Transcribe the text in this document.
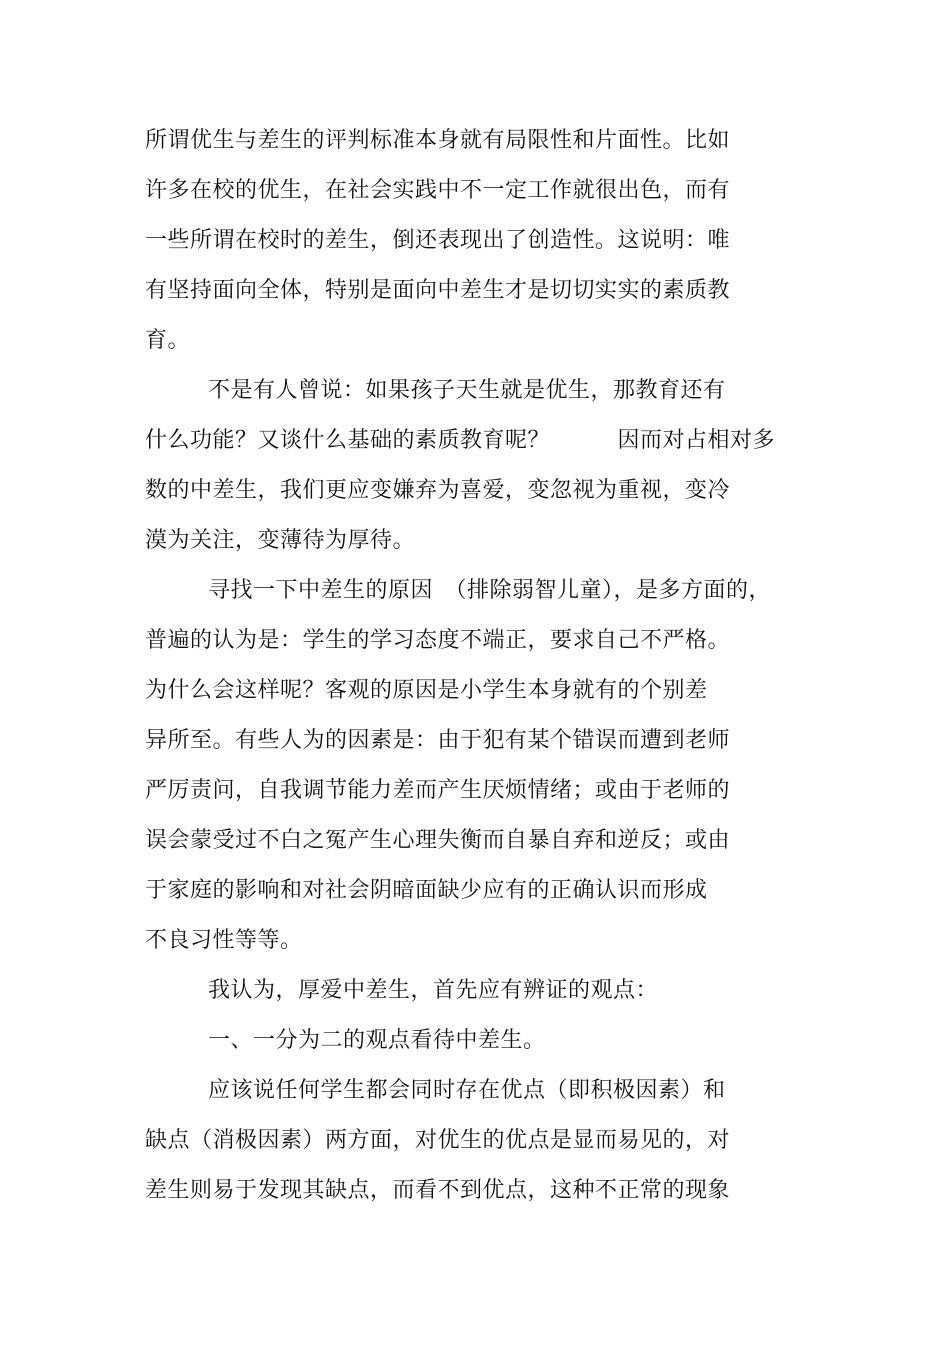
所谓优生与差生的评判标准本身就有局限性和片面性。比如
许多在校的优生，在社会实践中不一定工作就很出色，而有
一些所谓在校时的差生，倒还表现出了创造性。这说明：唯
有坚持面向全体，特别是面向中差生才是切切实实的素质教
育。
不是有人曾说：如果孩子天生就是优生，那教育还有
什么功能？又谈什么基础的素质教育呢？　　　因而对占相对多
数的中差生，我们更应变嫌弃为喜爱，变忽视为重视，变冷
漠为关注，变薄待为厚待。
寻找一下中差生的原因　（排除弱智儿童），是多方面的，
普遍的认为是：学生的学习态度不端正，要求自己不严格。
为什么会这样呢？客观的原因是小学生本身就有的个别差
异所至。有些人为的因素是：由于犯有某个错误而遭到老师
严厉责问，自我调节能力差而产生厌烦情绪；或由于老师的
误会蒙受过不白之冤产生心理失衡而自暴自弃和逆反；或由
于家庭的影响和对社会阴暗面缺少应有的正确认识而形成
不良习性等等。
我认为，厚爱中差生，首先应有辨证的观点：
一、一分为二的观点看待中差生。
应该说任何学生都会同时存在优点（即积极因素）和
缺点（消极因素）两方面，对优生的优点是显而易见的，对
差生则易于发现其缺点，而看不到优点，这种不正常的现象
